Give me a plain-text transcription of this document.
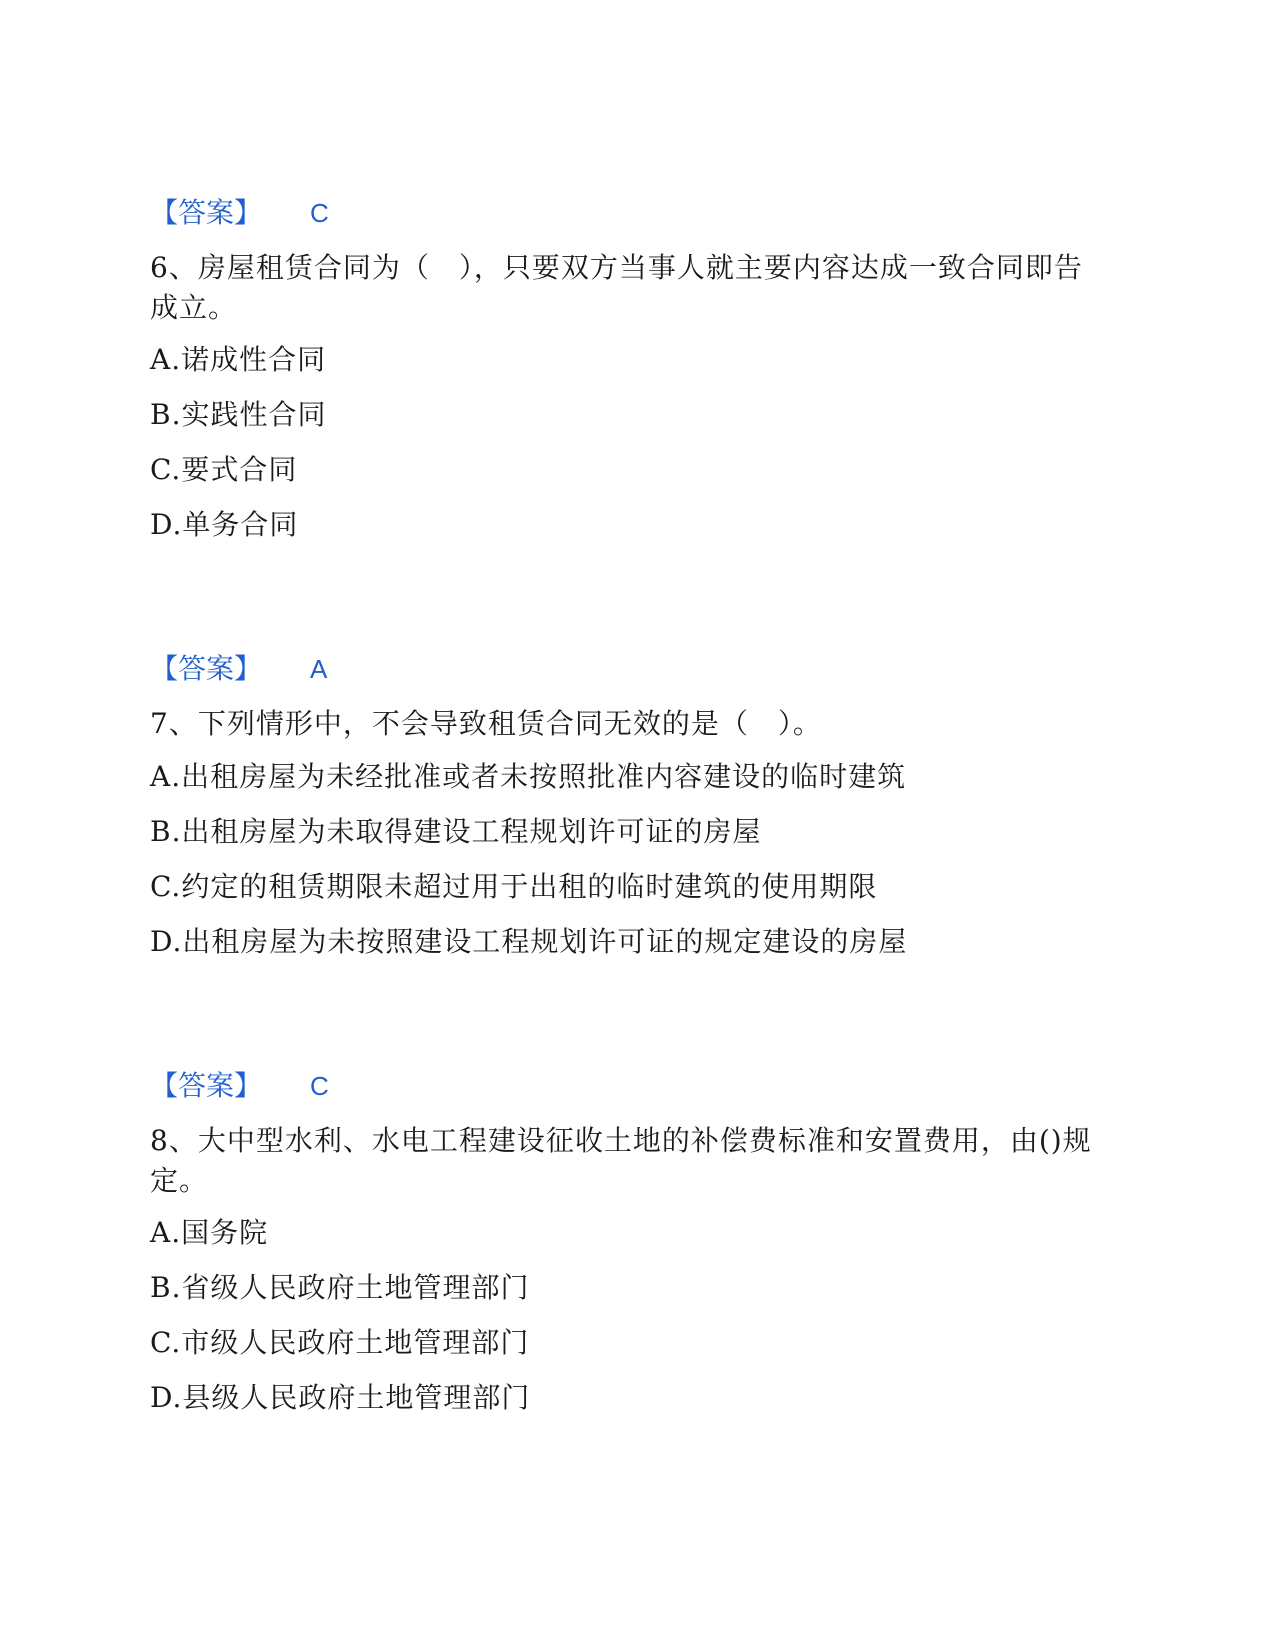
【答案】 C
6、房屋租赁合同为（　），只要双方当事人就主要内容达成一致合同即告成立。
A.诺成性合同
B.实践性合同
C.要式合同
D.单务合同
【答案】 A
7、下列情形中，不会导致租赁合同无效的是（　）。
A.出租房屋为未经批准或者未按照批准内容建设的临时建筑
B.出租房屋为未取得建设工程规划许可证的房屋
C.约定的租赁期限未超过用于出租的临时建筑的使用期限
D.出租房屋为未按照建设工程规划许可证的规定建设的房屋
【答案】 C
8、大中型水利、水电工程建设征收土地的补偿费标准和安置费用，由()规定。
A.国务院
B.省级人民政府土地管理部门
C.市级人民政府土地管理部门
D.县级人民政府土地管理部门
